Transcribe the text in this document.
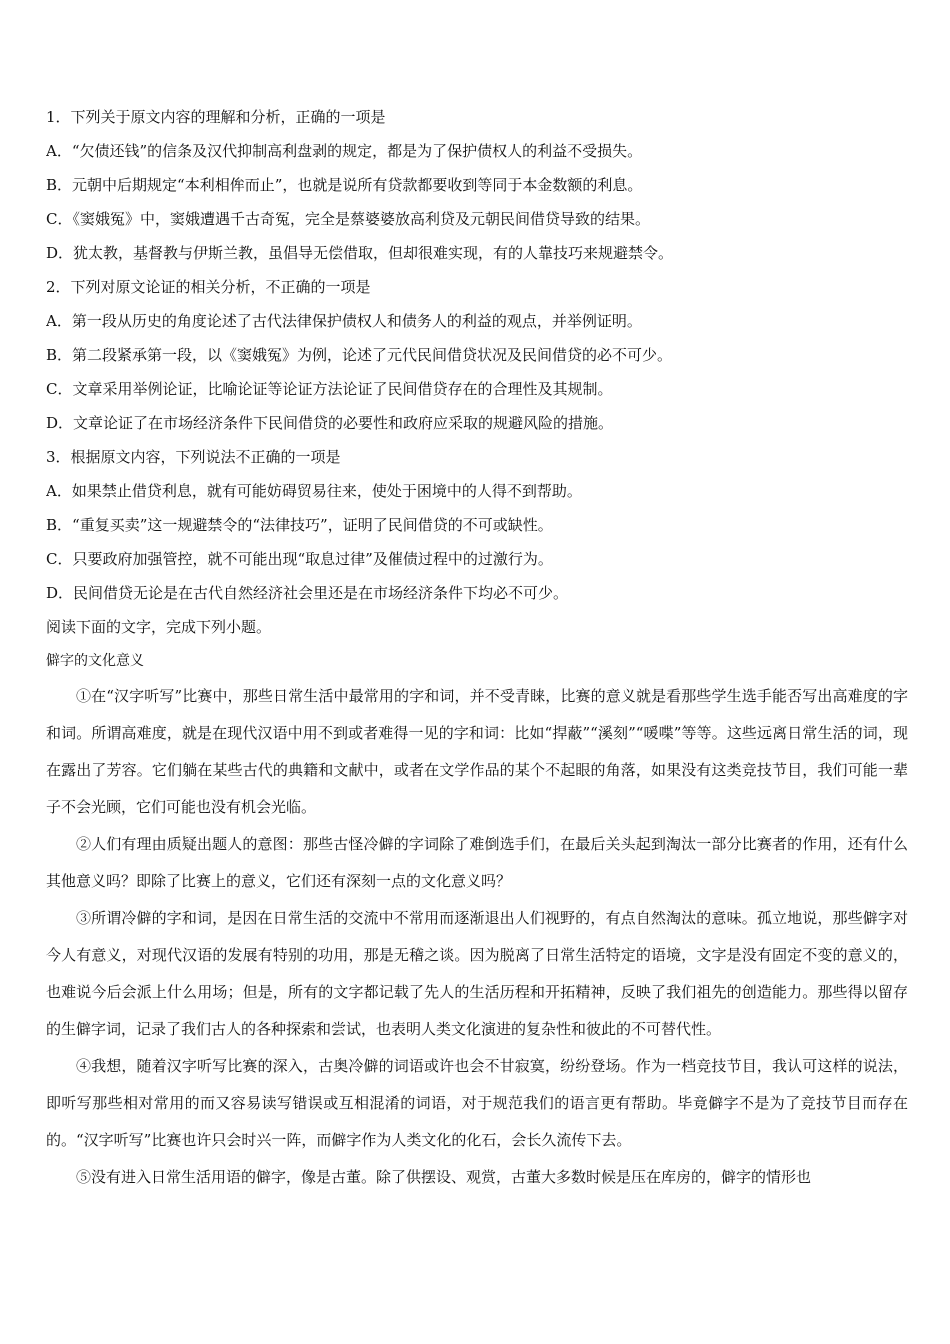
1．下列关于原文内容的理解和分析，正确的一项是
A．“欠债还钱”的信条及汉代抑制高利盘剥的规定，都是为了保护债权人的利益不受损失。
B．元朝中后期规定“本利相侔而止”，也就是说所有贷款都要收到等同于本金数额的利息。
C．《窦娥冤》中，窦娥遭遇千古奇冤，完全是蔡婆婆放高利贷及元朝民间借贷导致的结果。
D．犹太教，基督教与伊斯兰教，虽倡导无偿借取，但却很难实现，有的人靠技巧来规避禁令。
2．下列对原文论证的相关分析，不正确的一项是
A．第一段从历史的角度论述了古代法律保护债权人和债务人的利益的观点，并举例证明。
B．第二段紧承第一段，以《窦娥冤》为例，论述了元代民间借贷状况及民间借贷的必不可少。
C．文章采用举例论证，比喻论证等论证方法论证了民间借贷存在的合理性及其规制。
D．文章论证了在市场经济条件下民间借贷的必要性和政府应采取的规避风险的措施。
3．根据原文内容，下列说法不正确的一项是
A．如果禁止借贷利息，就有可能妨碍贸易往来，使处于困境中的人得不到帮助。
B．“重复买卖”这一规避禁令的“法律技巧”，证明了民间借贷的不可或缺性。
C．只要政府加强管控，就不可能出现“取息过律”及催债过程中的过激行为。
D．民间借贷无论是在古代自然经济社会里还是在市场经济条件下均必不可少。
阅读下面的文字，完成下列小题。
僻字的文化意义

①在“汉字听写”比赛中，那些日常生活中最常用的字和词，并不受青睐，比赛的意义就是看那些学生选手能否写出高难度的字和词。所谓高难度，就是在现代汉语中用不到或者难得一见的字和词：比如“捍蔽”“溪刻”“喛喋”等等。这些远离日常生活的词，现在露出了芳容。它们躺在某些古代的典籍和文献中，或者在文学作品的某个不起眼的角落，如果没有这类竞技节目，我们可能一辈子不会光顾，它们可能也没有机会光临。

②人们有理由质疑出题人的意图：那些古怪冷僻的字词除了难倒选手们，在最后关头起到淘汰一部分比赛者的作用，还有什么其他意义吗？即除了比赛上的意义，它们还有深刻一点的文化意义吗？

③所谓冷僻的字和词，是因在日常生活的交流中不常用而逐渐退出人们视野的，有点自然淘汰的意味。孤立地说，那些僻字对今人有意义，对现代汉语的发展有特别的功用，那是无稽之谈。因为脱离了日常生活特定的语境，文字是没有固定不变的意义的，也难说今后会派上什么用场；但是，所有的文字都记载了先人的生活历程和开拓精神，反映了我们祖先的创造能力。那些得以留存的生僻字词，记录了我们古人的各种探索和尝试，也表明人类文化演进的复杂性和彼此的不可替代性。

④我想，随着汉字听写比赛的深入，古奥冷僻的词语或许也会不甘寂寞，纷纷登场。作为一档竞技节目，我认可这样的说法，即听写那些相对常用的而又容易读写错误或互相混淆的词语，对于规范我们的语言更有帮助。毕竟僻字不是为了竞技节目而存在的。“汉字听写”比赛也许只会时兴一阵，而僻字作为人类文化的化石，会长久流传下去。

⑤没有进入日常生活用语的僻字，像是古董。除了供摆设、观赏，古董大多数时候是压在库房的，僻字的情形也
